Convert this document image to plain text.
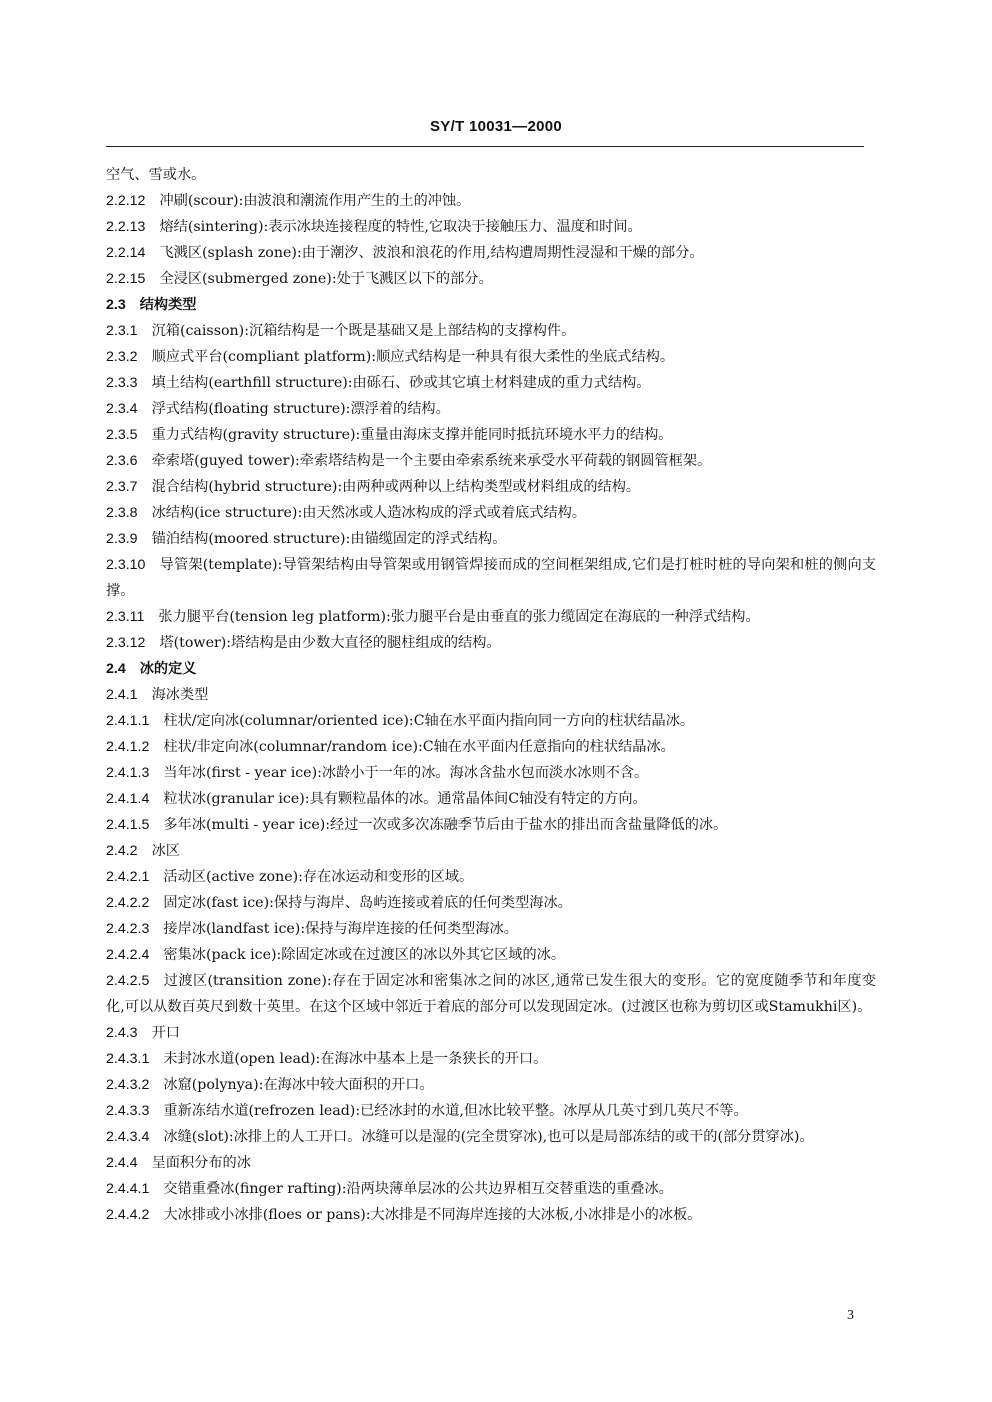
SY/T 10031—2000

空气、雪或水。

2.2.12 冲刷(scour):由波浪和潮流作用产生的土的冲蚀。

2.2.13 熔结(sintering):表示冰块连接程度的特性,它取决于接触压力、温度和时间。

2.2.14 飞溅区(splash zone):由于潮汐、波浪和浪花的作用,结构遭周期性浸湿和干燥的部分。

2.2.15 全浸区(submerged zone):处于飞溅区以下的部分。

2.3 结构类型

2.3.1 沉箱(caisson):沉箱结构是一个既是基础又是上部结构的支撑构件。

2.3.2 顺应式平台(compliant platform):顺应式结构是一种具有很大柔性的坐底式结构。

2.3.3 填土结构(earthfill structure):由砾石、砂或其它填土材料建成的重力式结构。

2.3.4 浮式结构(floating structure):漂浮着的结构。

2.3.5 重力式结构(gravity structure):重量由海床支撑并能同时抵抗环境水平力的结构。

2.3.6 牵索塔(guyed tower):牵索塔结构是一个主要由牵索系统来承受水平荷载的钢圆管框架。

2.3.7 混合结构(hybrid structure):由两种或两种以上结构类型或材料组成的结构。

2.3.8 冰结构(ice structure):由天然冰或人造冰构成的浮式或着底式结构。

2.3.9 锚泊结构(moored structure):由锚缆固定的浮式结构。

2.3.10 导管架(template):导管架结构由导管架或用钢管焊接而成的空间框架组成,它们是打桩时桩的导向架和桩的侧向支撑。

2.3.11 张力腿平台(tension leg platform):张力腿平台是由垂直的张力缆固定在海底的一种浮式结构。

2.3.12 塔(tower):塔结构是由少数大直径的腿柱组成的结构。

2.4 冰的定义

2.4.1 海冰类型

2.4.1.1 柱状/定向冰(columnar/oriented ice):C轴在水平面内指向同一方向的柱状结晶冰。

2.4.1.2 柱状/非定向冰(columnar/random ice):C轴在水平面内任意指向的柱状结晶冰。

2.4.1.3 当年冰(first - year ice):冰龄小于一年的冰。海冰含盐水包而淡水冰则不含。

2.4.1.4 粒状冰(granular ice):具有颗粒晶体的冰。通常晶体间C轴没有特定的方向。

2.4.1.5 多年冰(multi - year ice):经过一次或多次冻融季节后由于盐水的排出而含盐量降低的冰。

2.4.2 冰区

2.4.2.1 活动区(active zone):存在冰运动和变形的区域。

2.4.2.2 固定冰(fast ice):保持与海岸、岛屿连接或着底的任何类型海冰。

2.4.2.3 接岸冰(landfast ice):保持与海岸连接的任何类型海冰。

2.4.2.4 密集冰(pack ice):除固定冰或在过渡区的冰以外其它区域的冰。

2.4.2.5 过渡区(transition zone):存在于固定冰和密集冰之间的冰区,通常已发生很大的变形。它的宽度随季节和年度变化,可以从数百英尺到数十英里。在这个区域中邻近于着底的部分可以发现固定冰。(过渡区也称为剪切区或Stamukhi区)。

2.4.3 开口

2.4.3.1 未封冰水道(open lead):在海冰中基本上是一条狭长的开口。

2.4.3.2 冰窟(polynya):在海冰中较大面积的开口。

2.4.3.3 重新冻结水道(refrozen lead):已经冰封的水道,但冰比较平整。冰厚从几英寸到几英尺不等。

2.4.3.4 冰缝(slot):冰排上的人工开口。冰缝可以是湿的(完全贯穿冰),也可以是局部冻结的或干的(部分贯穿冰)。

2.4.4 呈面积分布的冰

2.4.4.1 交错重叠冰(finger rafting):沿两块薄单层冰的公共边界相互交替重迭的重叠冰。

2.4.4.2 大冰排或小冰排(floes or pans):大冰排是不同海岸连接的大冰板,小冰排是小的冰板。

3
